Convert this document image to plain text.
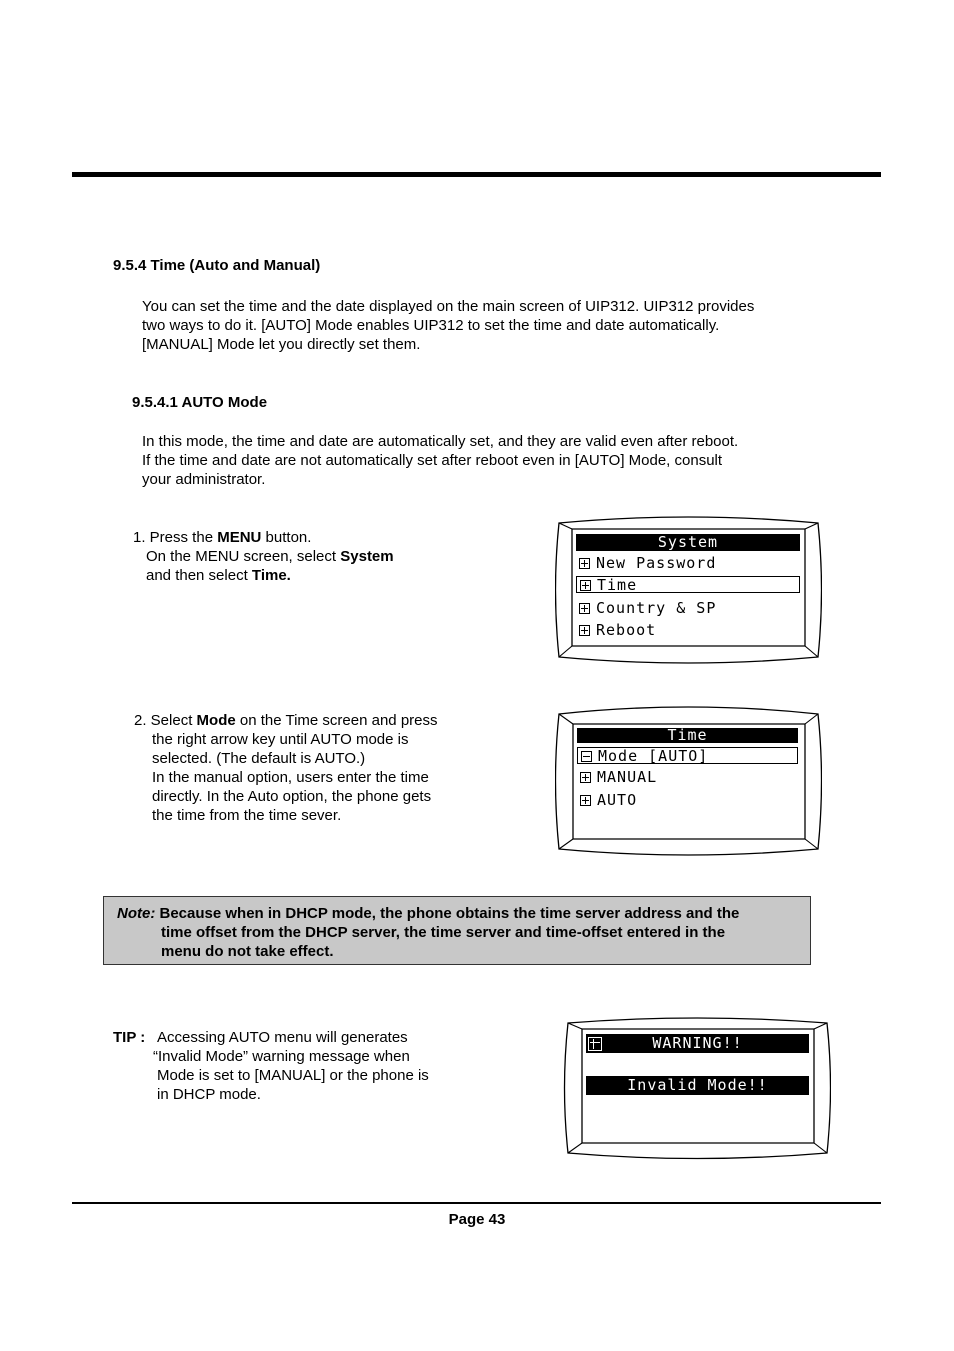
9.5.4 Time (Auto and Manual)

You can set the time and the date displayed on the main screen of UIP312. UIP312 provides

two ways to do it. [AUTO] Mode enables UIP312 to set the time and date automatically.

[MANUAL] Mode let you directly set them.

9.5.4.1 AUTO Mode

In this mode, the time and date are automatically set, and they are valid even after reboot.

If the time and date are not automatically set after reboot even in [AUTO] Mode, consult

your administrator.

1. Press the MENU button.
On the MENU screen, select System
and then select Time.
System
New Password
Time
Country & SP
Reboot
2. Select Mode on the Time screen and press
the right arrow key until AUTO mode is
selected. (The default is AUTO.)
In the manual option, users enter the time
directly. In the Auto option, the phone gets
the time from the time sever.
Time
Mode [AUTO]
MANUAL
AUTO
Note: Because when in DHCP mode, the phone obtains the time server address and the
time offset from the DHCP server, the time server and time-offset entered in the
menu do not take effect.
TIP : Accessing AUTO menu will generates
“Invalid Mode” warning message when
Mode is set to [MANUAL] or the phone is
in DHCP mode.
WARNING!!
Invalid Mode!!
Page 43
